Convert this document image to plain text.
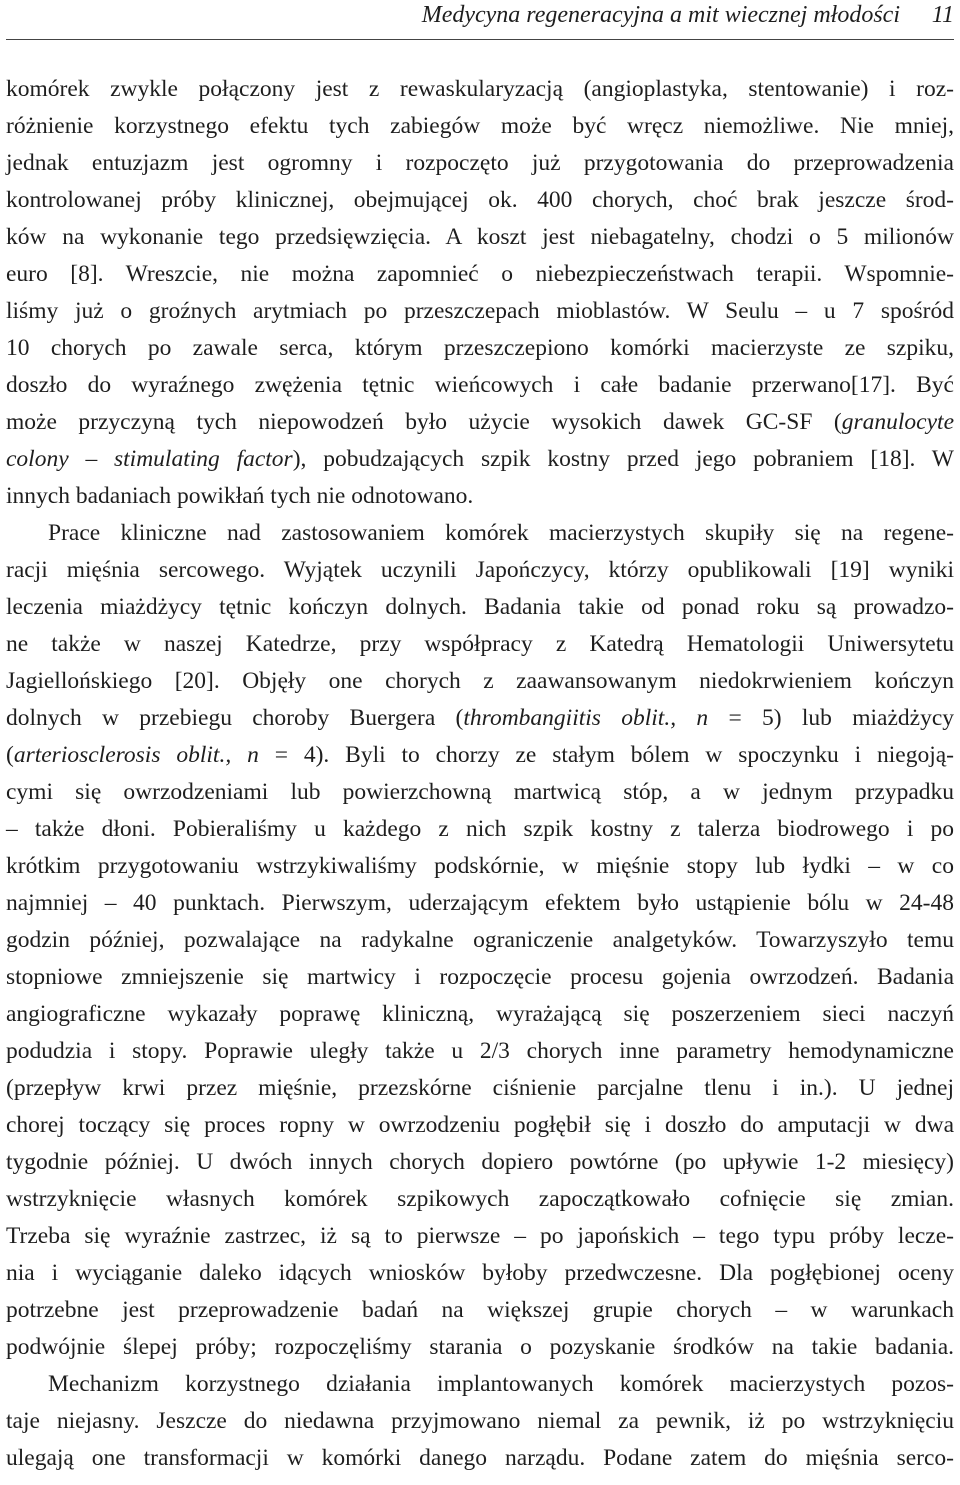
Medycyna regeneracyjna a mit wiecznej młodości 11
komórek zwykle połączony jest z rewaskularyzacją (angioplastyka, stentowanie) i roz-
różnienie korzystnego efektu tych zabiegów może być wręcz niemożliwe. Nie mniej,
jednak entuzjazm jest ogromny i rozpoczęto już przygotowania do przeprowadzenia
kontrolowanej próby klinicznej, obejmującej ok. 400 chorych, choć brak jeszcze środ-
ków na wykonanie tego przedsięwzięcia. A koszt jest niebagatelny, chodzi o 5 milionów
euro [8]. Wreszcie, nie można zapomnieć o niebezpieczeństwach terapii. Wspomnie-
liśmy już o groźnych arytmiach po przeszczepach mioblastów. W Seulu – u 7 spośród
10 chorych po zawale serca, którym przeszczepiono komórki macierzyste ze szpiku,
doszło do wyraźnego zwężenia tętnic wieńcowych i całe badanie przerwano[17]. Być
może przyczyną tych niepowodzeń było użycie wysokich dawek GC-SF (granulocyte
colony – stimulating factor), pobudzających szpik kostny przed jego pobraniem [18]. W
innych badaniach powikłań tych nie odnotowano.
Prace kliniczne nad zastosowaniem komórek macierzystych skupiły się na regene-
racji mięśnia sercowego. Wyjątek uczynili Japończycy, którzy opublikowali [19] wyniki
leczenia miażdżycy tętnic kończyn dolnych. Badania takie od ponad roku są prowadzo-
ne także w naszej Katedrze, przy współpracy z Katedrą Hematologii Uniwersytetu
Jagiellońskiego [20]. Objęły one chorych z zaawansowanym niedokrwieniem kończyn
dolnych w przebiegu choroby Buergera (thrombangiitis oblit., n = 5) lub miażdżycy
(arteriosclerosis oblit., n = 4). Byli to chorzy ze stałym bólem w spoczynku i niegoją-
cymi się owrzodzeniami lub powierzchowną martwicą stóp, a w jednym przypadku
– także dłoni. Pobieraliśmy u każdego z nich szpik kostny z talerza biodrowego i po
krótkim przygotowaniu wstrzykiwaliśmy podskórnie, w mięśnie stopy lub łydki – w co
najmniej – 40 punktach. Pierwszym, uderzającym efektem było ustąpienie bólu w 24-48
godzin później, pozwalające na radykalne ograniczenie analgetyków. Towarzyszyło temu
stopniowe zmniejszenie się martwicy i rozpoczęcie procesu gojenia owrzodzeń. Badania
angiograficzne wykazały poprawę kliniczną, wyrażającą się poszerzeniem sieci naczyń
podudzia i stopy. Poprawie uległy także u 2/3 chorych inne parametry hemodynamiczne
(przepływ krwi przez mięśnie, przezskórne ciśnienie parcjalne tlenu i in.). U jednej
chorej toczący się proces ropny w owrzodzeniu pogłębił się i doszło do amputacji w dwa
tygodnie później. U dwóch innych chorych dopiero powtórne (po upływie 1-2 miesięcy)
wstrzyknięcie własnych komórek szpikowych zapoczątkowało cofnięcie się zmian.
Trzeba się wyraźnie zastrzec, iż są to pierwsze – po japońskich – tego typu próby lecze-
nia i wyciąganie daleko idących wniosków byłoby przedwczesne. Dla pogłębionej oceny
potrzebne jest przeprowadzenie badań na większej grupie chorych – w warunkach
podwójnie ślepej próby; rozpoczęliśmy starania o pozyskanie środków na takie badania.
Mechanizm korzystnego działania implantowanych komórek macierzystych pozos-
taje niejasny. Jeszcze do niedawna przyjmowano niemal za pewnik, iż po wstrzyknięciu
ulegają one transformacji w komórki danego narządu. Podane zatem do mięśnia serco-
